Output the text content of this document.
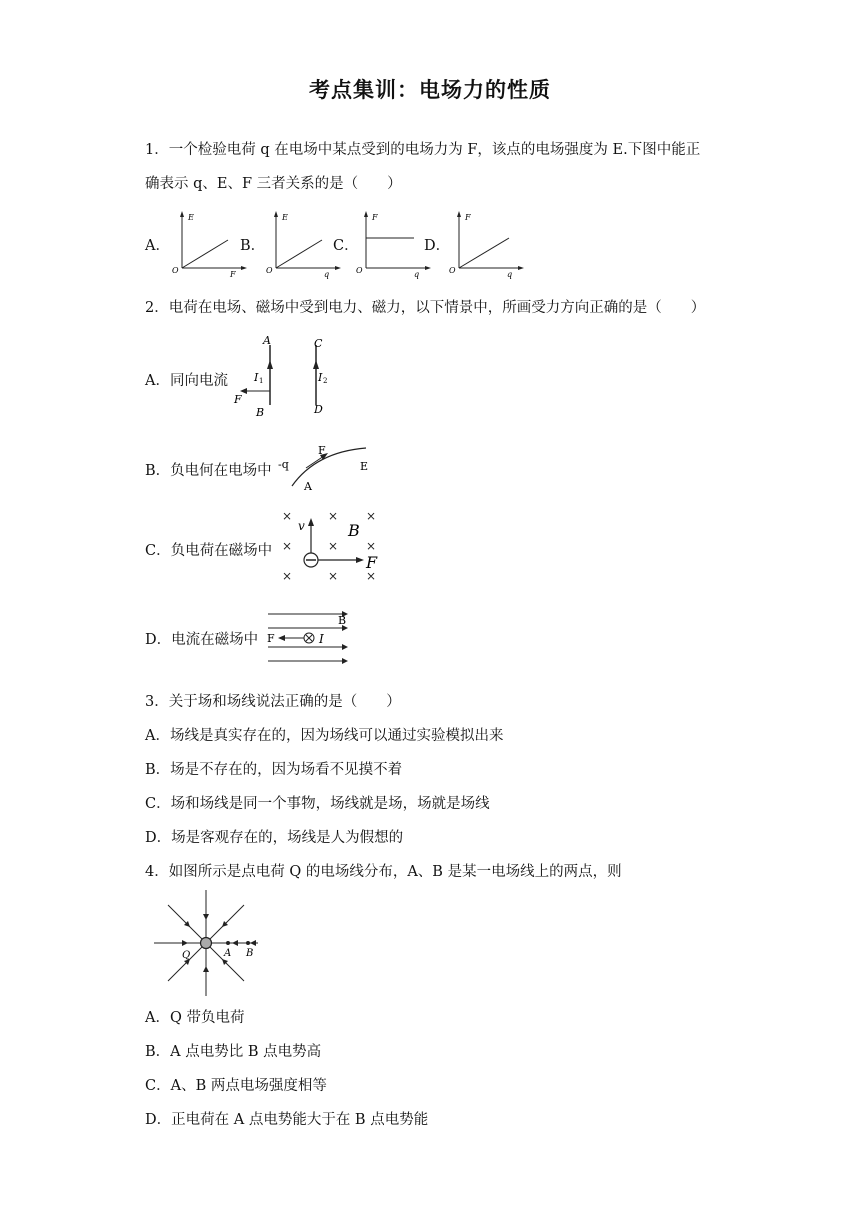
考点集训：电场力的性质
1．一个检验电荷 q 在电场中某点受到的电场力为 F，该点的电场强度为 E.下图中能正
确表示 q、E、F 三者关系的是（　　）
A．
E
O	F
B．
E
O	q
C．
F
O	q
D．
F
O	q
2．电荷在电场、磁场中受到电力、磁力，以下情景中，所画受力方向正确的是（　　）
A．同向电流
A
B
C
D
I 1	I 2
F
B．负电何在电场中 -q
F
E
A
C．负电荷在磁场中
×	× ×
×	× ×
×	× ×
v	B
F
D．电流在磁场中
B
F	I
3．关于场和场线说法正确的是（　　）
A．场线是真实存在的，因为场线可以通过实验模拟出来
B．场是不存在的，因为场看不见摸不着
C．场和场线是同一个事物，场线就是场，场就是场线
D．场是客观存在的，场线是人为假想的
4．如图所示是点电荷 Q 的电场线分布，A、B 是某一电场线上的两点，则
Q	A B
A．Q 带负电荷
B．A 点电势比 B 点电势高
C．A、B 两点电场强度相等
D．正电荷在 A 点电势能大于在 B 点电势能
